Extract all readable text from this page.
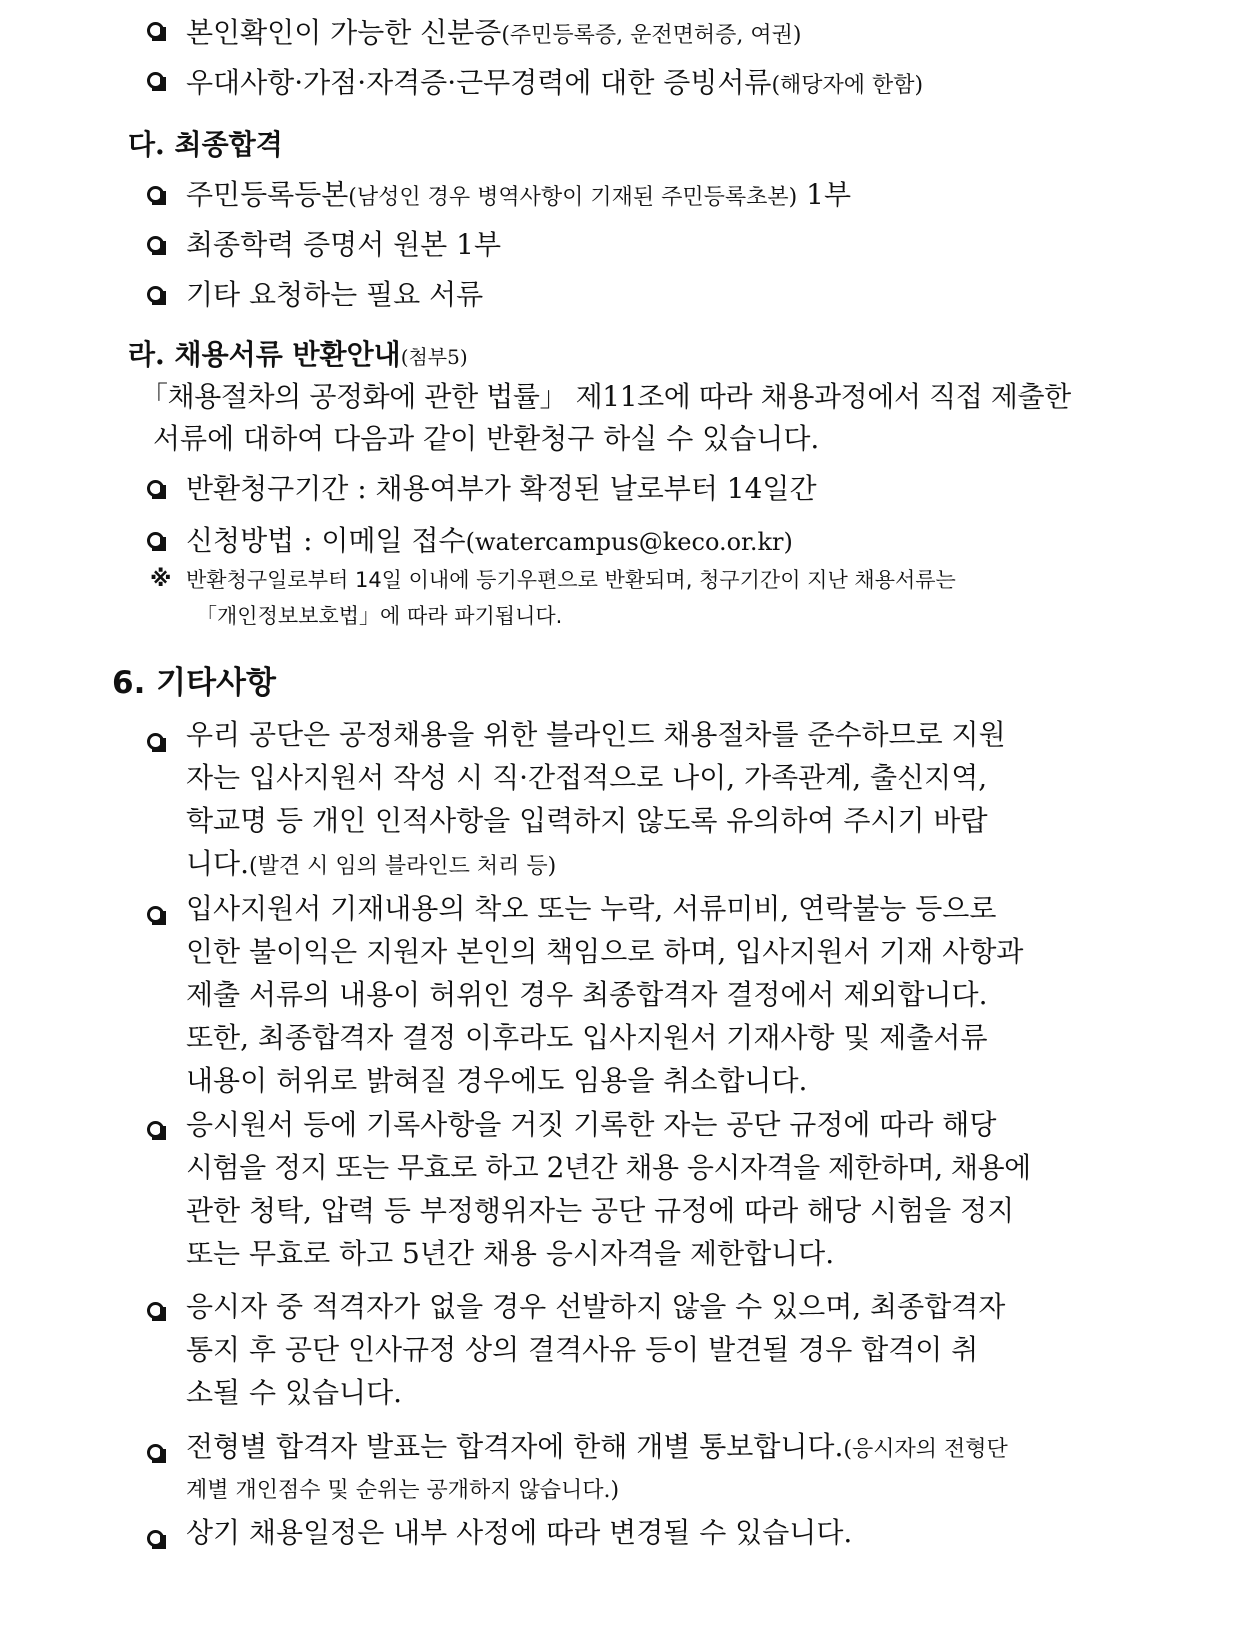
본인확인이 가능한 신분증(주민등록증, 운전면허증, 여권)
우대사항·가점·자격증·근무경력에 대한 증빙서류(해당자에 한함)
다. 최종합격
주민등록등본(남성인 경우 병역사항이 기재된 주민등록초본) 1부
최종학력 증명서 원본 1부
기타 요청하는 필요 서류
라. 채용서류 반환안내(첨부5)
「채용절차의 공정화에 관한 법률」 제11조에 따라 채용과정에서 직접 제출한
서류에 대하여 다음과 같이 반환청구 하실 수 있습니다.
반환청구기간 : 채용여부가 확정된 날로부터 14일간
신청방법 : 이메일 접수(watercampus@keco.or.kr)
※ 반환청구일로부터 14일 이내에 등기우편으로 반환되며, 청구기간이 지난 채용서류는
「개인정보보호법」에 따라 파기됩니다.
6. 기타사항
우리 공단은 공정채용을 위한 블라인드 채용절차를 준수하므로 지원
자는 입사지원서 작성 시 직·간접적으로 나이, 가족관계, 출신지역,
학교명 등 개인 인적사항을 입력하지 않도록 유의하여 주시기 바랍
니다.(발견 시 임의 블라인드 처리 등)
입사지원서 기재내용의 착오 또는 누락, 서류미비, 연락불능 등으로
인한 불이익은 지원자 본인의 책임으로 하며, 입사지원서 기재 사항과
제출 서류의 내용이 허위인 경우 최종합격자 결정에서 제외합니다.
또한, 최종합격자 결정 이후라도 입사지원서 기재사항 및 제출서류
내용이 허위로 밝혀질 경우에도 임용을 취소합니다.
응시원서 등에 기록사항을 거짓 기록한 자는 공단 규정에 따라 해당
시험을 정지 또는 무효로 하고 2년간 채용 응시자격을 제한하며, 채용에
관한 청탁, 압력 등 부정행위자는 공단 규정에 따라 해당 시험을 정지
또는 무효로 하고 5년간 채용 응시자격을 제한합니다.
응시자 중 적격자가 없을 경우 선발하지 않을 수 있으며, 최종합격자
통지 후 공단 인사규정 상의 결격사유 등이 발견될 경우 합격이 취
소될 수 있습니다.
전형별 합격자 발표는 합격자에 한해 개별 통보합니다.(응시자의 전형단
계별 개인점수 및 순위는 공개하지 않습니다.)
상기 채용일정은 내부 사정에 따라 변경될 수 있습니다.
